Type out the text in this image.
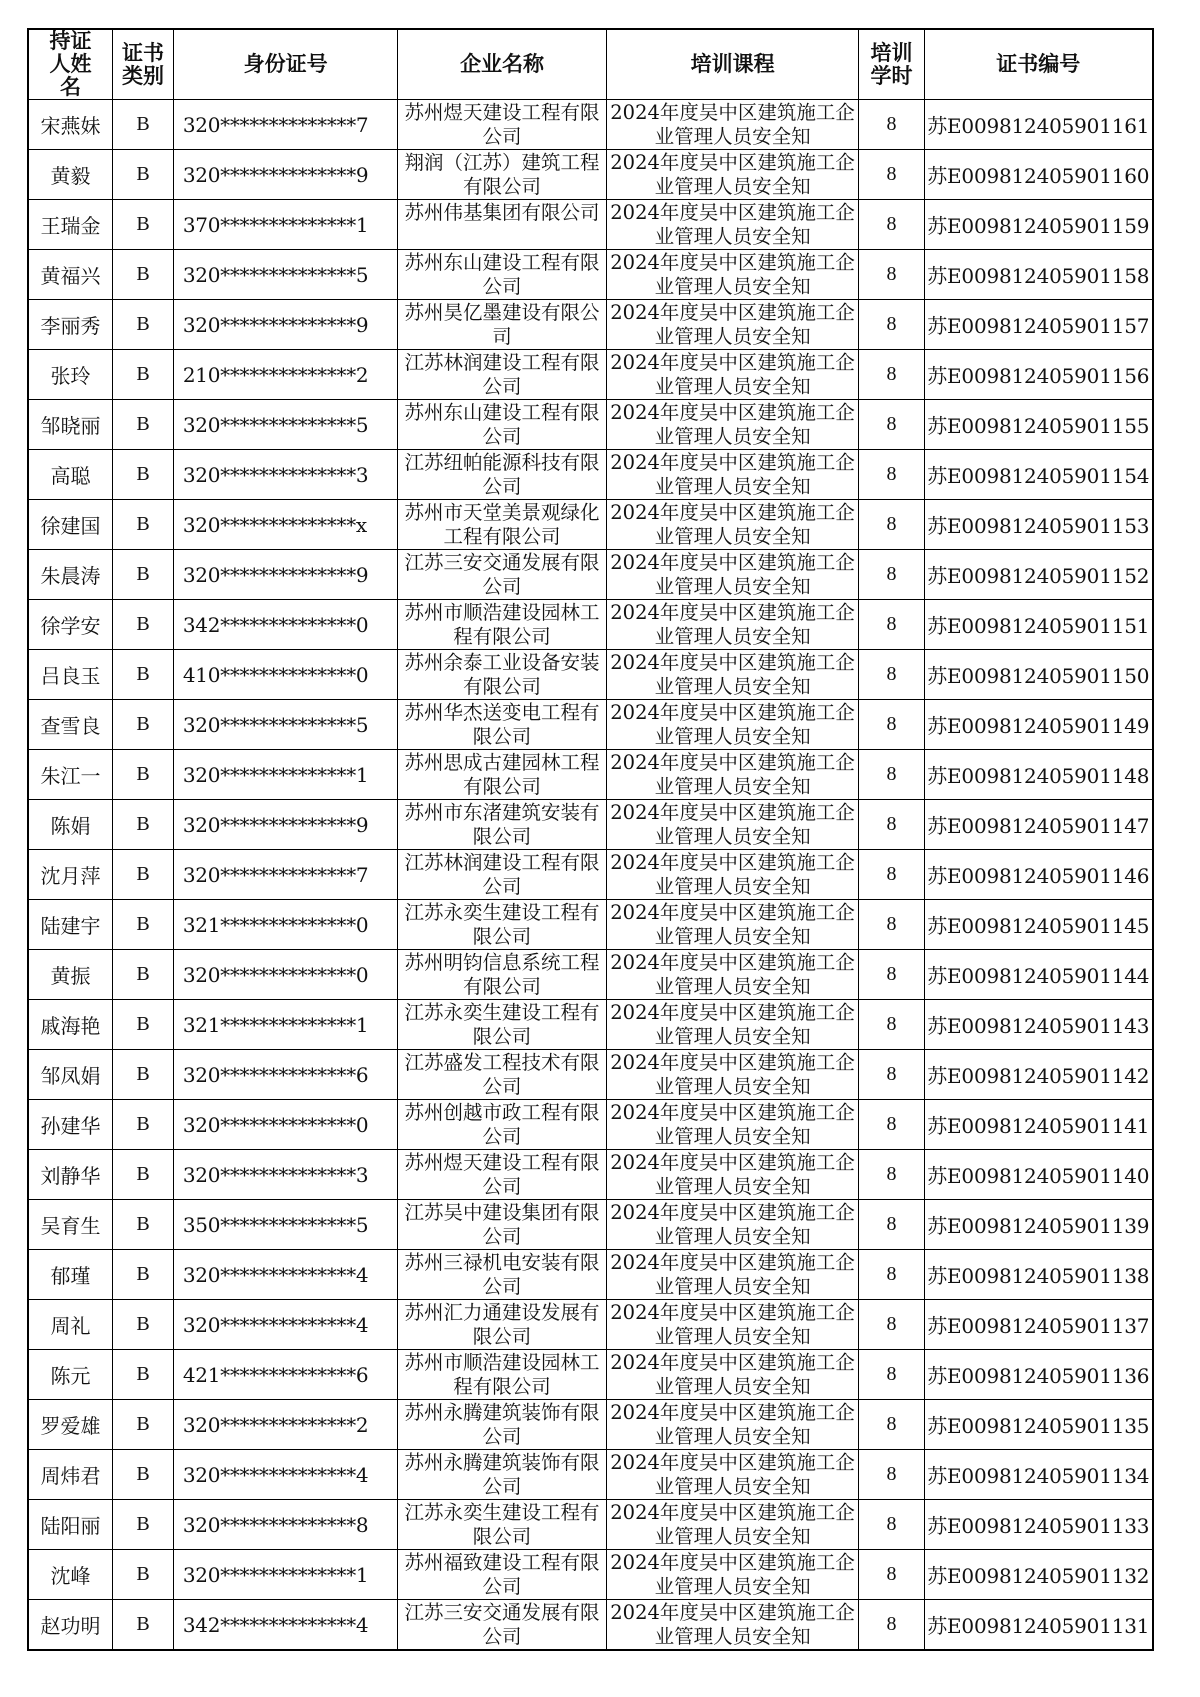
持证人姓名	证书类别	身份证号	企业名称	培训课程	培训学时	证书编号
宋燕妹	B	320**************7	苏州煜天建设工程有限公司	2024年度吴中区建筑施工企业管理人员安全知	8	苏E009812405901161
黄毅	B	320**************9	翔润（江苏）建筑工程有限公司	2024年度吴中区建筑施工企业管理人员安全知	8	苏E009812405901160
王瑞金	B	370**************1	苏州伟基集团有限公司	2024年度吴中区建筑施工企业管理人员安全知	8	苏E009812405901159
黄福兴	B	320**************5	苏州东山建设工程有限公司	2024年度吴中区建筑施工企业管理人员安全知	8	苏E009812405901158
李丽秀	B	320**************9	苏州昊亿墨建设有限公司	2024年度吴中区建筑施工企业管理人员安全知	8	苏E009812405901157
张玲	B	210**************2	江苏林润建设工程有限公司	2024年度吴中区建筑施工企业管理人员安全知	8	苏E009812405901156
邹晓丽	B	320**************5	苏州东山建设工程有限公司	2024年度吴中区建筑施工企业管理人员安全知	8	苏E009812405901155
高聪	B	320**************3	江苏纽帕能源科技有限公司	2024年度吴中区建筑施工企业管理人员安全知	8	苏E009812405901154
徐建国	B	320**************x	苏州市天堂美景观绿化工程有限公司	2024年度吴中区建筑施工企业管理人员安全知	8	苏E009812405901153
朱晨涛	B	320**************9	江苏三安交通发展有限公司	2024年度吴中区建筑施工企业管理人员安全知	8	苏E009812405901152
徐学安	B	342**************0	苏州市顺浩建设园林工程有限公司	2024年度吴中区建筑施工企业管理人员安全知	8	苏E009812405901151
吕良玉	B	410**************0	苏州余泰工业设备安装有限公司	2024年度吴中区建筑施工企业管理人员安全知	8	苏E009812405901150
查雪良	B	320**************5	苏州华杰送变电工程有限公司	2024年度吴中区建筑施工企业管理人员安全知	8	苏E009812405901149
朱江一	B	320**************1	苏州思成古建园林工程有限公司	2024年度吴中区建筑施工企业管理人员安全知	8	苏E009812405901148
陈娟	B	320**************9	苏州市东渚建筑安装有限公司	2024年度吴中区建筑施工企业管理人员安全知	8	苏E009812405901147
沈月萍	B	320**************7	江苏林润建设工程有限公司	2024年度吴中区建筑施工企业管理人员安全知	8	苏E009812405901146
陆建宇	B	321**************0	江苏永奕生建设工程有限公司	2024年度吴中区建筑施工企业管理人员安全知	8	苏E009812405901145
黄振	B	320**************0	苏州明钧信息系统工程有限公司	2024年度吴中区建筑施工企业管理人员安全知	8	苏E009812405901144
戚海艳	B	321**************1	江苏永奕生建设工程有限公司	2024年度吴中区建筑施工企业管理人员安全知	8	苏E009812405901143
邹凤娟	B	320**************6	江苏盛发工程技术有限公司	2024年度吴中区建筑施工企业管理人员安全知	8	苏E009812405901142
孙建华	B	320**************0	苏州创越市政工程有限公司	2024年度吴中区建筑施工企业管理人员安全知	8	苏E009812405901141
刘静华	B	320**************3	苏州煜天建设工程有限公司	2024年度吴中区建筑施工企业管理人员安全知	8	苏E009812405901140
吴育生	B	350**************5	江苏吴中建设集团有限公司	2024年度吴中区建筑施工企业管理人员安全知	8	苏E009812405901139
郁瑾	B	320**************4	苏州三禄机电安装有限公司	2024年度吴中区建筑施工企业管理人员安全知	8	苏E009812405901138
周礼	B	320**************4	苏州汇力通建设发展有限公司	2024年度吴中区建筑施工企业管理人员安全知	8	苏E009812405901137
陈元	B	421**************6	苏州市顺浩建设园林工程有限公司	2024年度吴中区建筑施工企业管理人员安全知	8	苏E009812405901136
罗爱雄	B	320**************2	苏州永腾建筑装饰有限公司	2024年度吴中区建筑施工企业管理人员安全知	8	苏E009812405901135
周炜君	B	320**************4	苏州永腾建筑装饰有限公司	2024年度吴中区建筑施工企业管理人员安全知	8	苏E009812405901134
陆阳丽	B	320**************8	江苏永奕生建设工程有限公司	2024年度吴中区建筑施工企业管理人员安全知	8	苏E009812405901133
沈峰	B	320**************1	苏州福致建设工程有限公司	2024年度吴中区建筑施工企业管理人员安全知	8	苏E009812405901132
赵功明	B	342**************4	江苏三安交通发展有限公司	2024年度吴中区建筑施工企业管理人员安全知	8	苏E009812405901131
